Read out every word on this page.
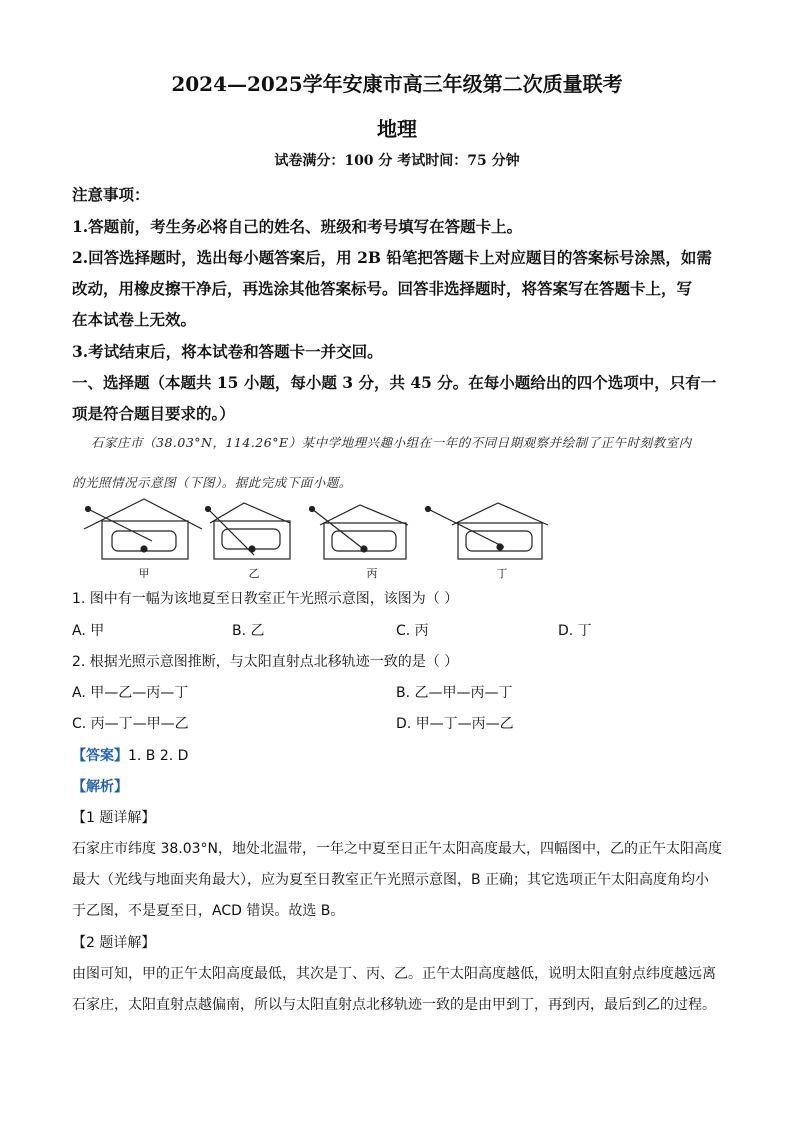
2024—2025学年安康市高三年级第二次质量联考
地理
试卷满分：100 分 考试时间：75 分钟
注意事项：
1.答题前，考生务必将自己的姓名、班级和考号填写在答题卡上。
2.回答选择题时，选出每小题答案后，用 2B 铅笔把答题卡上对应题目的答案标号涂黑，如需
改动，用橡皮擦干净后，再选涂其他答案标号。回答非选择题时，将答案写在答题卡上，写
在本试卷上无效。
3.考试结束后，将本试卷和答题卡一并交回。
一、选择题（本题共 15 小题，每小题 3 分，共 45 分。在每小题给出的四个选项中，只有一
项是符合题目要求的。）
石家庄市（38.03°N，114.26°E）某中学地理兴趣小组在一年的不同日期观察并绘制了正午时刻教室内
的光照情况示意图（下图）。据此完成下面小题。
甲	乙	丙	丁
1. 图中有一幅为该地夏至日教室正午光照示意图，该图为（ ）
A. 甲	B. 乙	C. 丙	D. 丁
2. 根据光照示意图推断，与太阳直射点北移轨迹一致的是（ ）
A. 甲—乙—丙—丁	B. 乙—甲—丙—丁
C. 丙—丁—甲—乙	D. 甲—丁—丙—乙
【答案】1. B 2. D
【解析】
【1 题详解】
石家庄市纬度 38.03°N，地处北温带，一年之中夏至日正午太阳高度最大，四幅图中，乙的正午太阳高度
最大（光线与地面夹角最大），应为夏至日教室正午光照示意图，B 正确；其它选项正午太阳高度角均小
于乙图，不是夏至日，ACD 错误。故选 B。
【2 题详解】
由图可知，甲的正午太阳高度最低，其次是丁、丙、乙。正午太阳高度越低，说明太阳直射点纬度越远离
石家庄，太阳直射点越偏南，所以与太阳直射点北移轨迹一致的是由甲到丁，再到丙，最后到乙的过程。
